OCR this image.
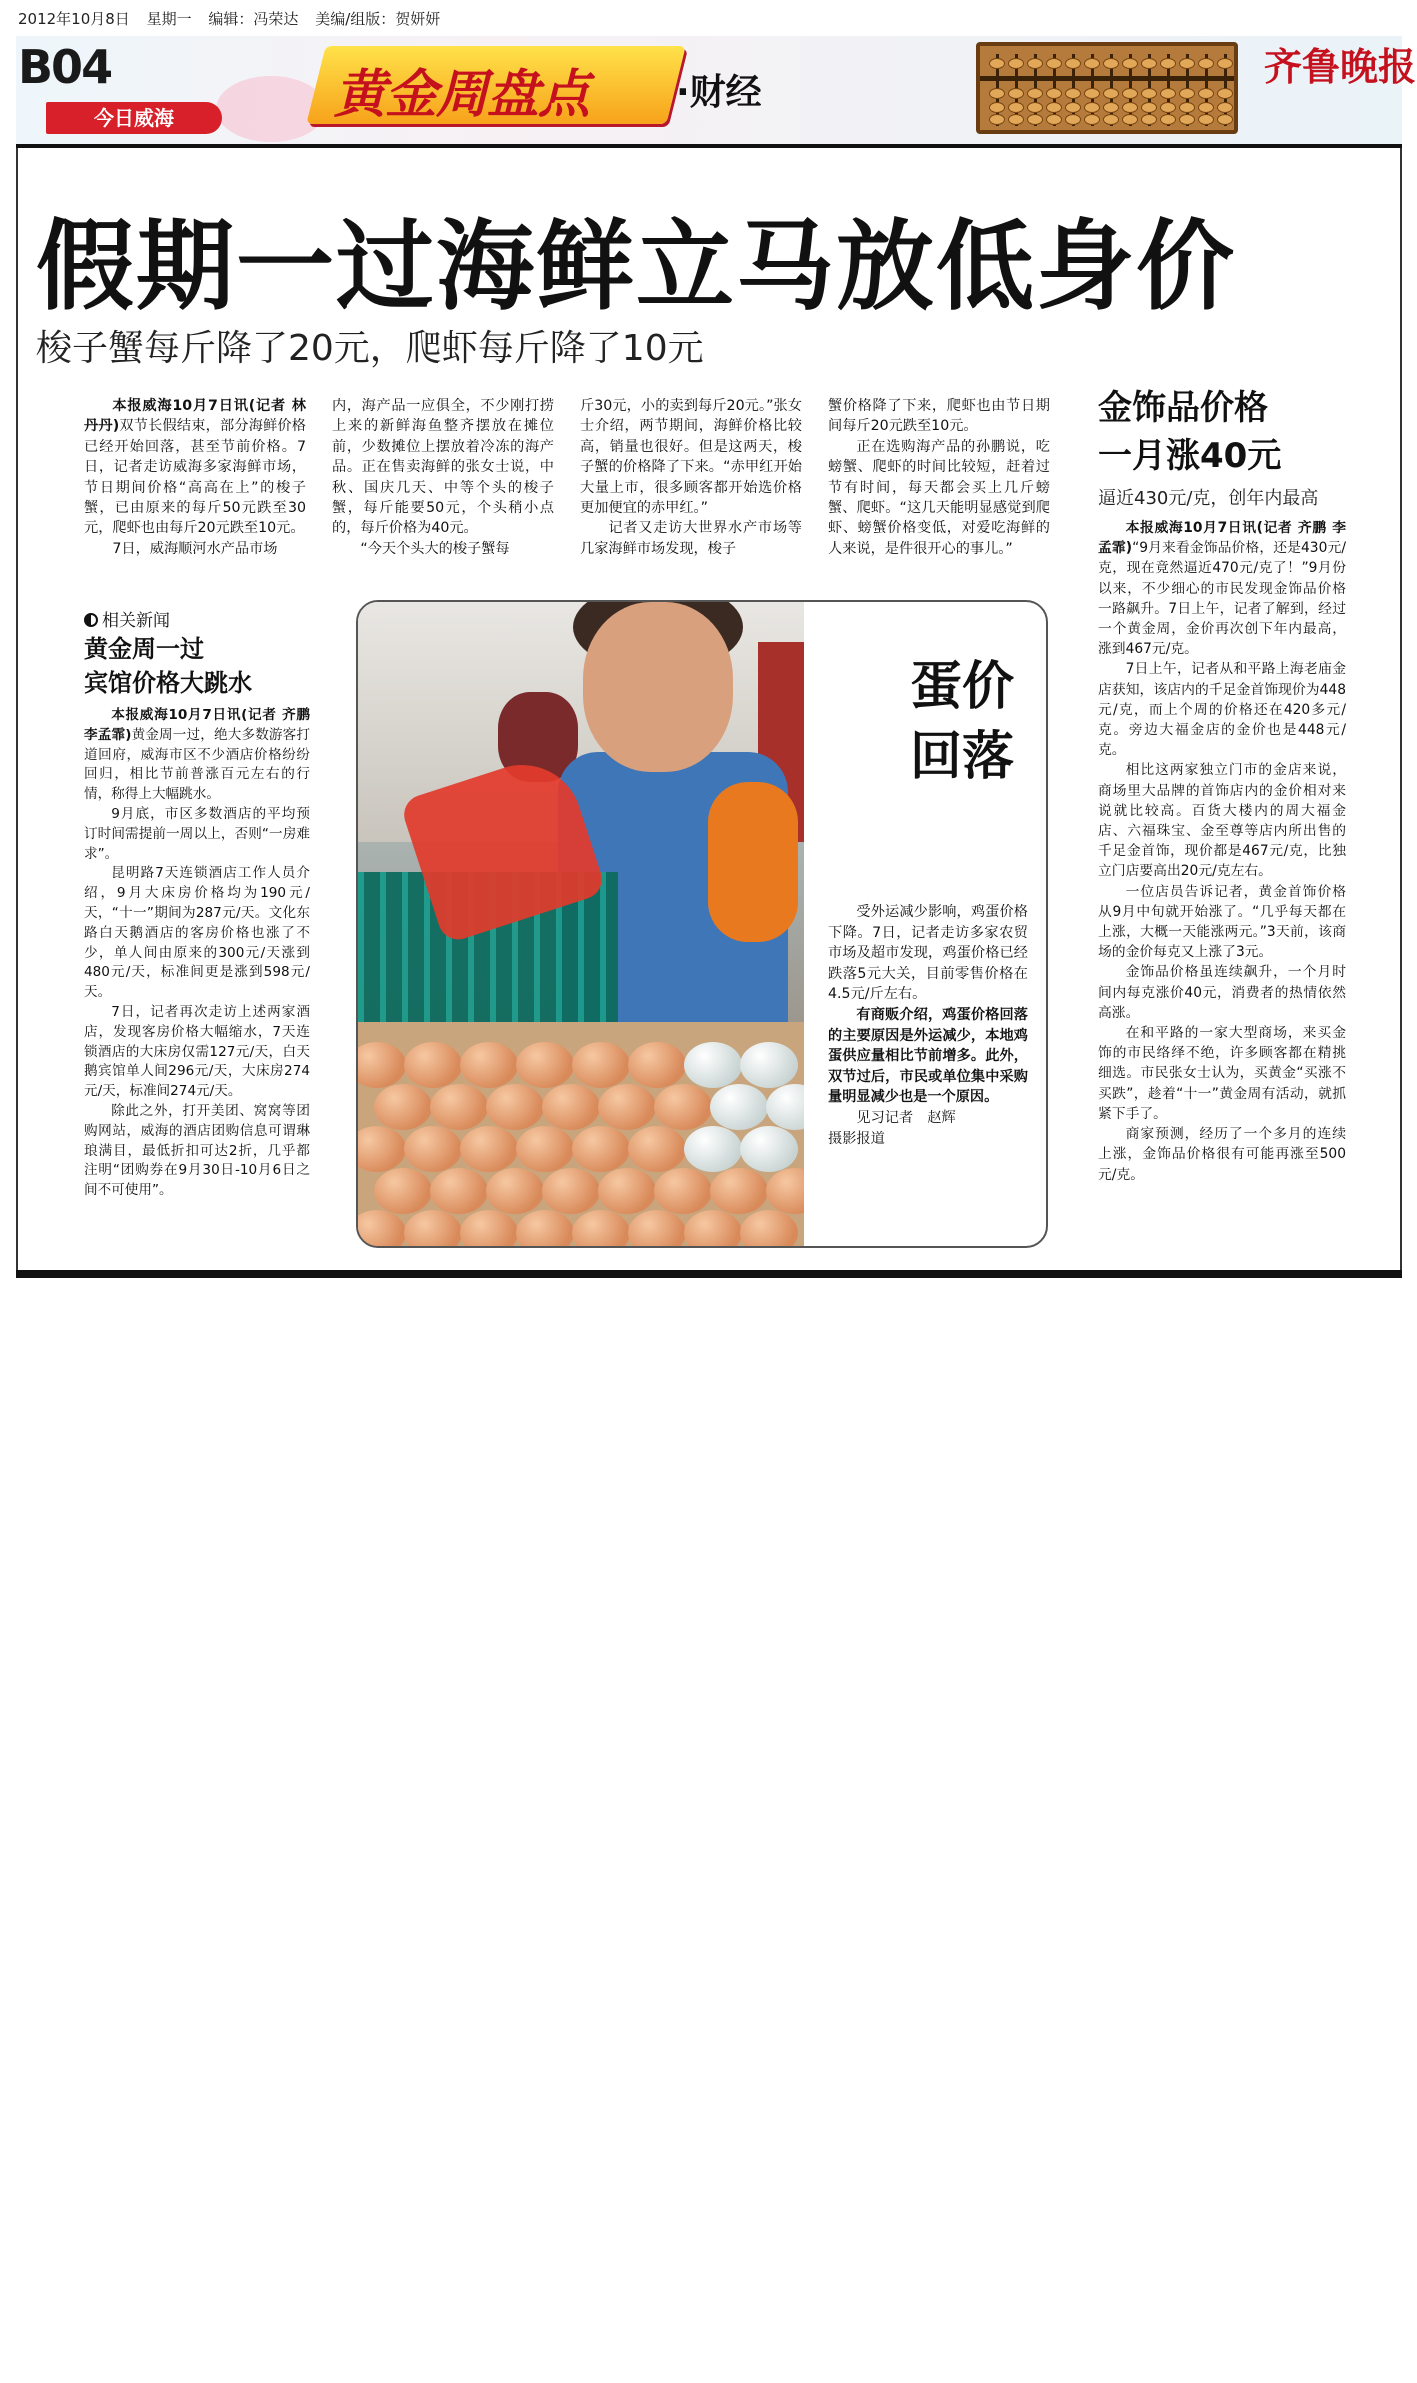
2012年10月8日 星期一 编辑：冯荣达 美编/组版：贺妍妍
B04
今日威海	黄金周盘点 ·财经
齐鲁晚报
假期一过海鲜立马放低身价
梭子蟹每斤降了20元，爬虾每斤降了10元

本报威海10月7日讯(记者 林丹丹)双节长假结束，部分海鲜价格已经开始回落，甚至节前价格。7日，记者走访威海多家海鲜市场，节日期间价格“高高在上”的梭子蟹，已由原来的每斤50元跌至30元，爬虾也由每斤20元跌至10元。

7日，威海顺河水产品市场

内，海产品一应俱全，不少刚打捞上来的新鲜海鱼整齐摆放在摊位前，少数摊位上摆放着冷冻的海产品。正在售卖海鲜的张女士说，中秋、国庆几天、中等个头的梭子蟹，每斤能要50元，个头稍小点的，每斤价格为40元。

“今天个头大的梭子蟹每

斤30元，小的卖到每斤20元。”张女士介绍，两节期间，海鲜价格比较高，销量也很好。但是这两天，梭子蟹的价格降了下来。“赤甲红开始大量上市，很多顾客都开始选价格更加便宜的赤甲红。”

记者又走访大世界水产市场等几家海鲜市场发现，梭子

蟹价格降了下来，爬虾也由节日期间每斤20元跌至10元。

正在选购海产品的孙鹏说，吃螃蟹、爬虾的时间比较短，赶着过节有时间，每天都会买上几斤螃蟹、爬虾。“这几天能明显感觉到爬虾、螃蟹价格变低，对爱吃海鲜的人来说，是件很开心的事儿。”

相关新闻
黄金周一过
宾馆价格大跳水

本报威海10月7日讯(记者 齐鹏 李孟霏)黄金周一过，绝大多数游客打道回府，威海市区不少酒店价格纷纷回归，相比节前普涨百元左右的行情，称得上大幅跳水。

9月底，市区多数酒店的平均预订时间需提前一周以上，否则“一房难求”。

昆明路7天连锁酒店工作人员介绍，9月大床房价格均为190元/天，“十一”期间为287元/天。文化东路白天鹅酒店的客房价格也涨了不少，单人间由原来的300元/天涨到480元/天，标准间更是涨到598元/天。

7日，记者再次走访上述两家酒店，发现客房价格大幅缩水，7天连锁酒店的大床房仅需127元/天，白天鹅宾馆单人间296元/天，大床房274元/天，标准间274元/天。

除此之外，打开美团、窝窝等团购网站，威海的酒店团购信息可谓琳琅满目，最低折扣可达2折，几乎都注明“团购券在9月30日-10月6日之间不可使用”。

蛋价
回落

受外运减少影响，鸡蛋价格下降。7日，记者走访多家农贸市场及超市发现，鸡蛋价格已经跌落5元大关，目前零售价格在4.5元/斤左右。

有商贩介绍，鸡蛋价格回落的主要原因是外运减少，本地鸡蛋供应量相比节前增多。此外，双节过后，市民或单位集中采购量明显减少也是一个原因。

见习记者　赵辉

摄影报道

金饰品价格
一月涨40元
逼近430元/克，创年内最高

本报威海10月7日讯(记者 齐鹏 李孟霏)“9月来看金饰品价格，还是430元/克，现在竟然逼近470元/克了！”9月份以来，不少细心的市民发现金饰品价格一路飙升。7日上午，记者了解到，经过一个黄金周，金价再次创下年内最高，涨到467元/克。

7日上午，记者从和平路上海老庙金店获知，该店内的千足金首饰现价为448元/克，而上个周的价格还在420多元/克。旁边大福金店的金价也是448元/克。

相比这两家独立门市的金店来说，商场里大品牌的首饰店内的金价相对来说就比较高。百货大楼内的周大福金店、六福珠宝、金至尊等店内所出售的千足金首饰，现价都是467元/克，比独立门店要高出20元/克左右。

一位店员告诉记者，黄金首饰价格从9月中旬就开始涨了。“几乎每天都在上涨，大概一天能涨两元。”3天前，该商场的金价每克又上涨了3元。

金饰品价格虽连续飙升，一个月时间内每克涨价40元，消费者的热情依然高涨。

在和平路的一家大型商场，来买金饰的市民络绎不绝，许多顾客都在精挑细选。市民张女士认为，买黄金“买涨不买跌”，趁着“十一”黄金周有活动，就抓紧下手了。

商家预测，经历了一个多月的连续上涨，金饰品价格很有可能再涨至500元/克。
